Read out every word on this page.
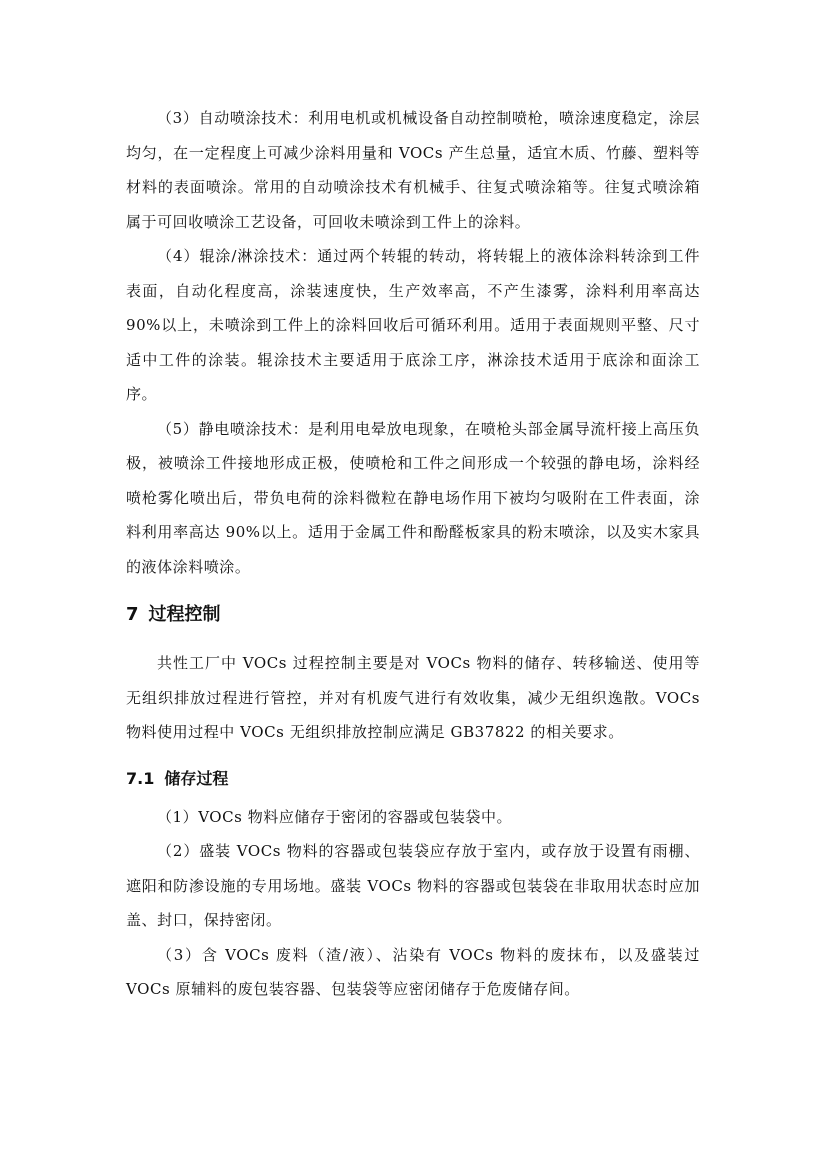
（3）自动喷涂技术：利用电机或机械设备自动控制喷枪，喷涂速度稳定，涂层均匀，在一定程度上可减少涂料用量和 VOCs 产生总量，适宜木质、竹藤、塑料等材料的表面喷涂。常用的自动喷涂技术有机械手、往复式喷涂箱等。往复式喷涂箱属于可回收喷涂工艺设备，可回收未喷涂到工件上的涂料。

（4）辊涂/淋涂技术：通过两个转辊的转动，将转辊上的液体涂料转涂到工件表面，自动化程度高，涂装速度快，生产效率高，不产生漆雾，涂料利用率高达 90%以上，未喷涂到工件上的涂料回收后可循环利用。适用于表面规则平整、尺寸适中工件的涂装。辊涂技术主要适用于底涂工序，淋涂技术适用于底涂和面涂工序。

（5）静电喷涂技术：是利用电晕放电现象，在喷枪头部金属导流杆接上高压负极，被喷涂工件接地形成正极，使喷枪和工件之间形成一个较强的静电场，涂料经喷枪雾化喷出后，带负电荷的涂料微粒在静电场作用下被均匀吸附在工件表面，涂料利用率高达 90%以上。适用于金属工件和酚醛板家具的粉末喷涂，以及实木家具的液体涂料喷涂。

7 过程控制

共性工厂中 VOCs 过程控制主要是对 VOCs 物料的储存、转移输送、使用等无组织排放过程进行管控，并对有机废气进行有效收集，减少无组织逸散。VOCs 物料使用过程中 VOCs 无组织排放控制应满足 GB37822 的相关要求。

7.1 储存过程

（1）VOCs 物料应储存于密闭的容器或包装袋中。

（2）盛装 VOCs 物料的容器或包装袋应存放于室内，或存放于设置有雨棚、遮阳和防渗设施的专用场地。盛装 VOCs 物料的容器或包装袋在非取用状态时应加盖、封口，保持密闭。

（3）含 VOCs 废料（渣/液）、沾染有 VOCs 物料的废抹布，以及盛装过 VOCs 原辅料的废包装容器、包装袋等应密闭储存于危废储存间。
